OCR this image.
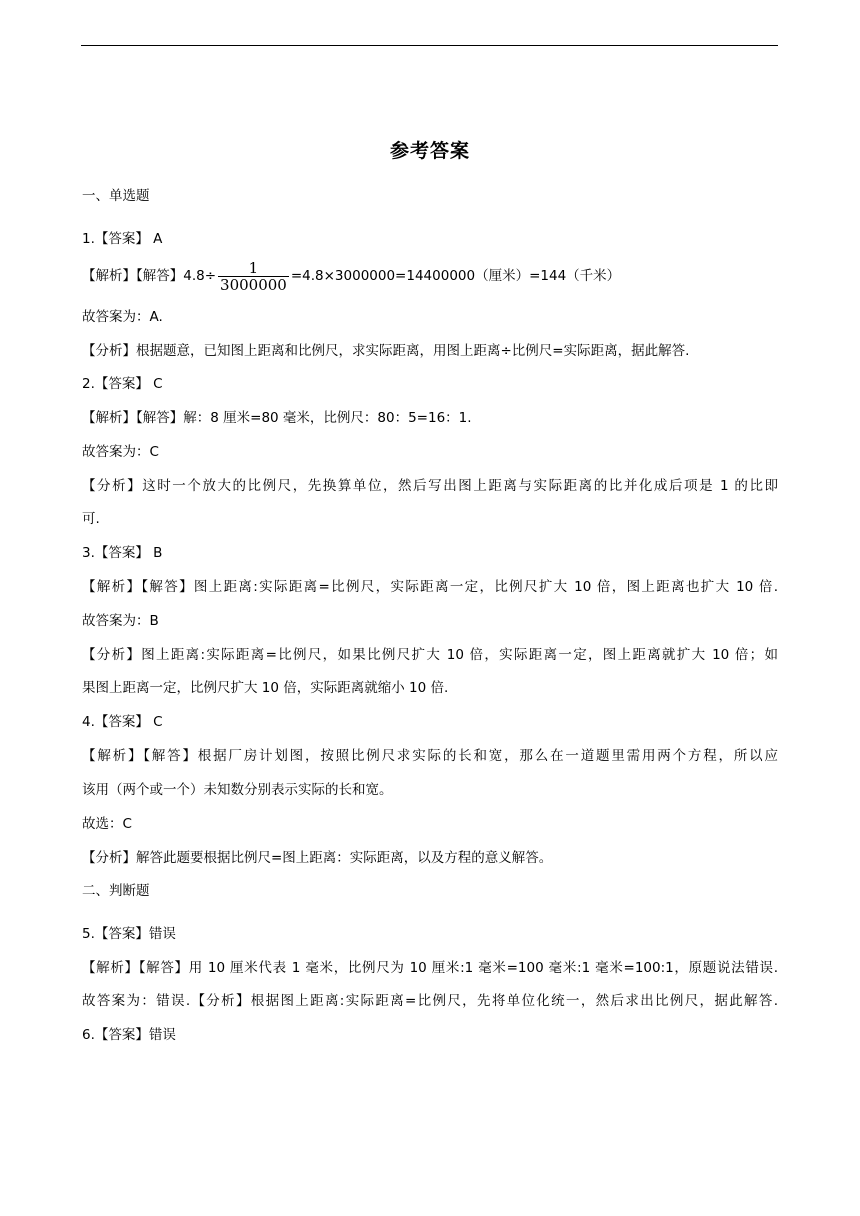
参考答案
一、单选题
1.【答案】 A
【解析】【解答】$4.8\div \frac{1}{3000000} =4.8\times 3000000=14400000$（厘米）=144（千米）
故答案为：A.
【分析】根据题意，已知图上距离和比例尺，求实际距离，用图上距离÷比例尺=实际距离，据此解答.
2.【答案】 C
【解析】【解答】解：8 厘米=80 毫米，比例尺：80：5=16：1.
故答案为：C
【分析】这时一个放大的比例尺，先换算单位，然后写出图上距离与实际距离的比并化成后项是 1 的比即
可.
3.【答案】 B
【解析】【解答】图上距离:实际距离=比例尺，实际距离一定，比例尺扩大 10 倍，图上距离也扩大 10 倍.
故答案为：B
【分析】图上距离:实际距离=比例尺，如果比例尺扩大 10 倍，实际距离一定，图上距离就扩大 10 倍；如
果图上距离一定，比例尺扩大 10 倍，实际距离就缩小 10 倍.
4.【答案】 C
【解析】【解答】根据厂房计划图，按照比例尺求实际的长和宽，那么在一道题里需用两个方程，所以应
该用（两个或一个）未知数分别表示实际的长和宽。
故选：C
【分析】解答此题要根据比例尺=图上距离：实际距离，以及方程的意义解答。
二、判断题
5.【答案】错误
【解析】【解答】用 10 厘米代表 1 毫米，比例尺为 10 厘米:1 毫米=100 毫米:1 毫米=100:1，原题说法错误.
故答案为：错误.【分析】根据图上距离:实际距离=比例尺，先将单位化统一，然后求出比例尺，据此解答.
6.【答案】错误
